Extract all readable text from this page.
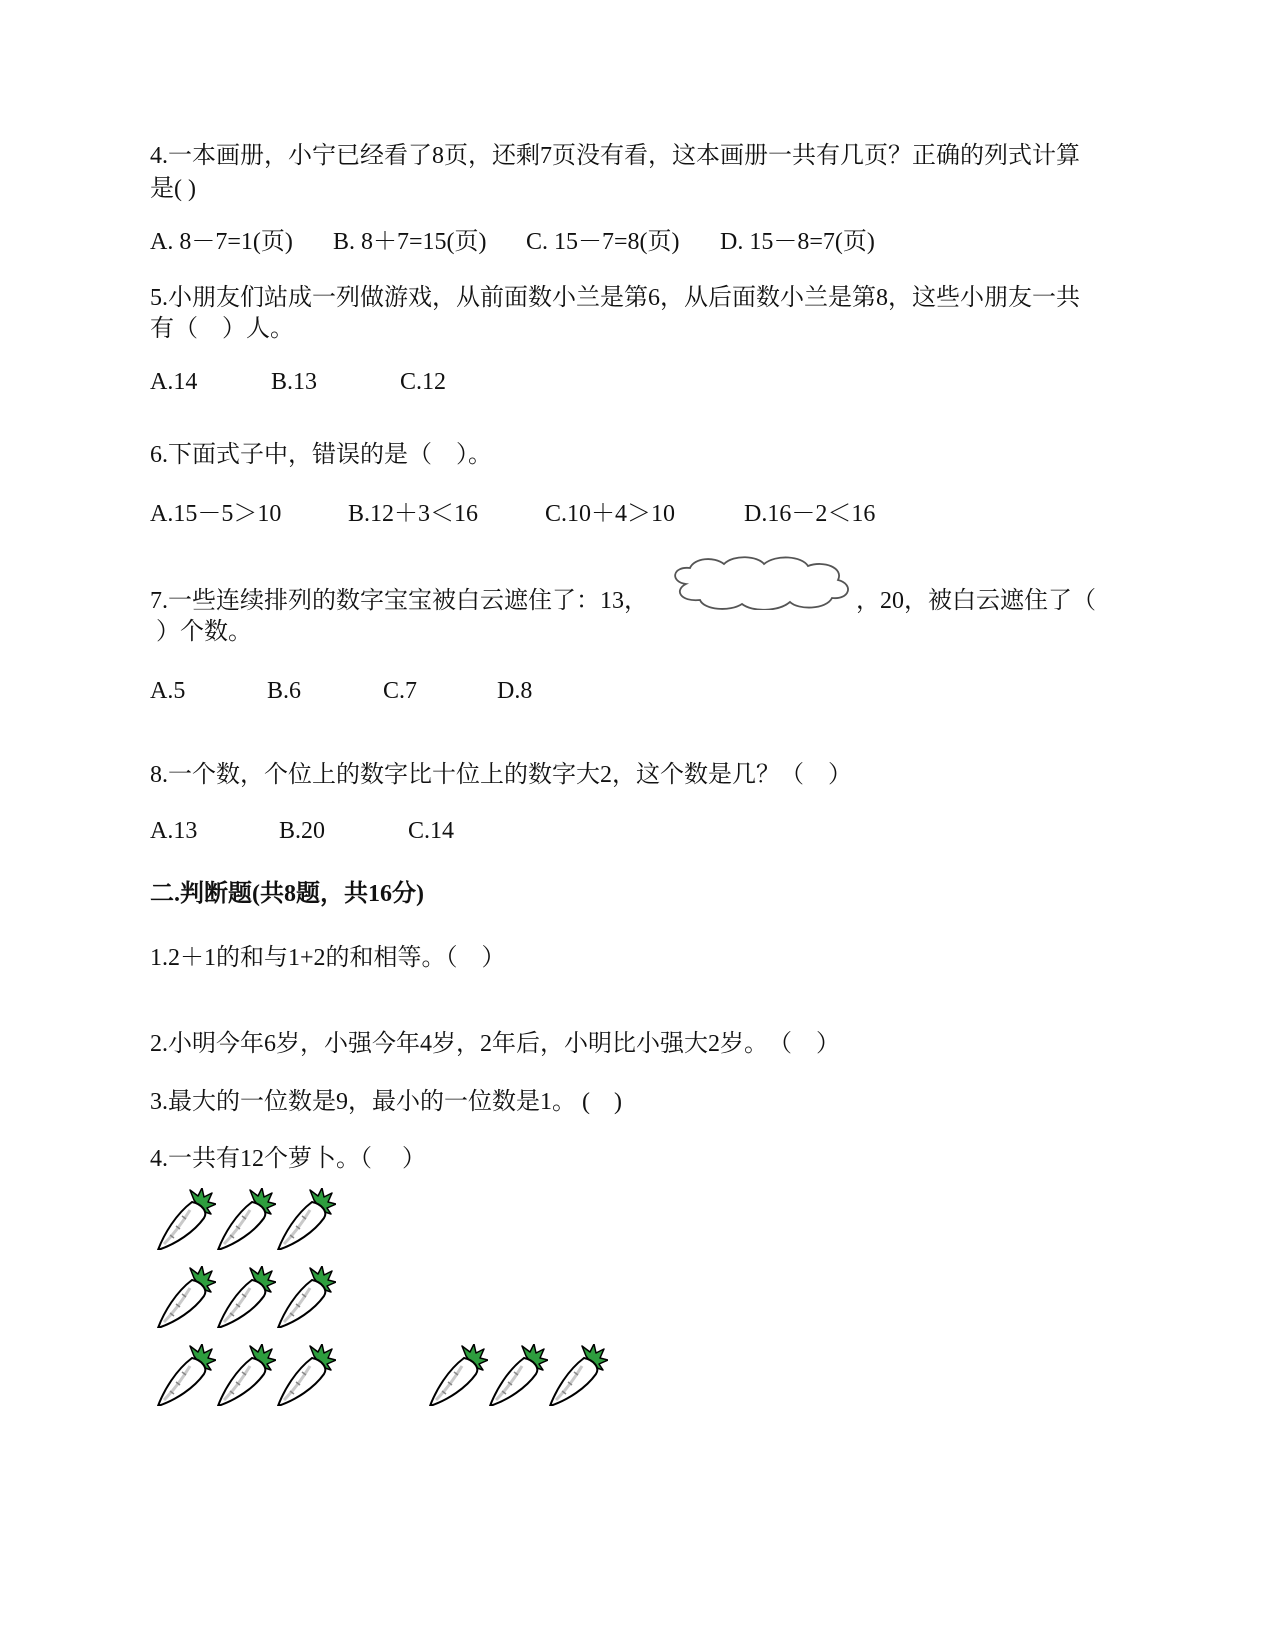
4.一本画册，小宁已经看了8页，还剩7页没有看，这本画册一共有几页？正确的列式计算
是( )
A. 8－7=1(页) B. 8＋7=15(页) C. 15－7=8(页) D. 15－8=7(页)
5.小朋友们站成一列做游戏，从前面数小兰是第6，从后面数小兰是第8，这些小朋友一共
有（　）人。
A.14	B.13	C.12
6.下面式子中，错误的是（　）。
A.15－5＞10	B.12＋3＜16	C.10＋4＞10	D.16－2＜16
7.一些连续排列的数字宝宝被白云遮住了：13，	，20，被白云遮住了（
）个数。
A.5	B.6	C.7	D.8
8.一个数，个位上的数字比十位上的数字大2，这个数是几？（　）
A.13	B.20	C.14
二.判断题(共8题，共16分)
1.2＋1的和与1+2的和相等。（　）
2.小明今年6岁，小强今年4岁，2年后，小明比小强大2岁。　（　）
3.最大的一位数是9，最小的一位数是1。 (　)
4.一共有12个萝卜。（　 ）
